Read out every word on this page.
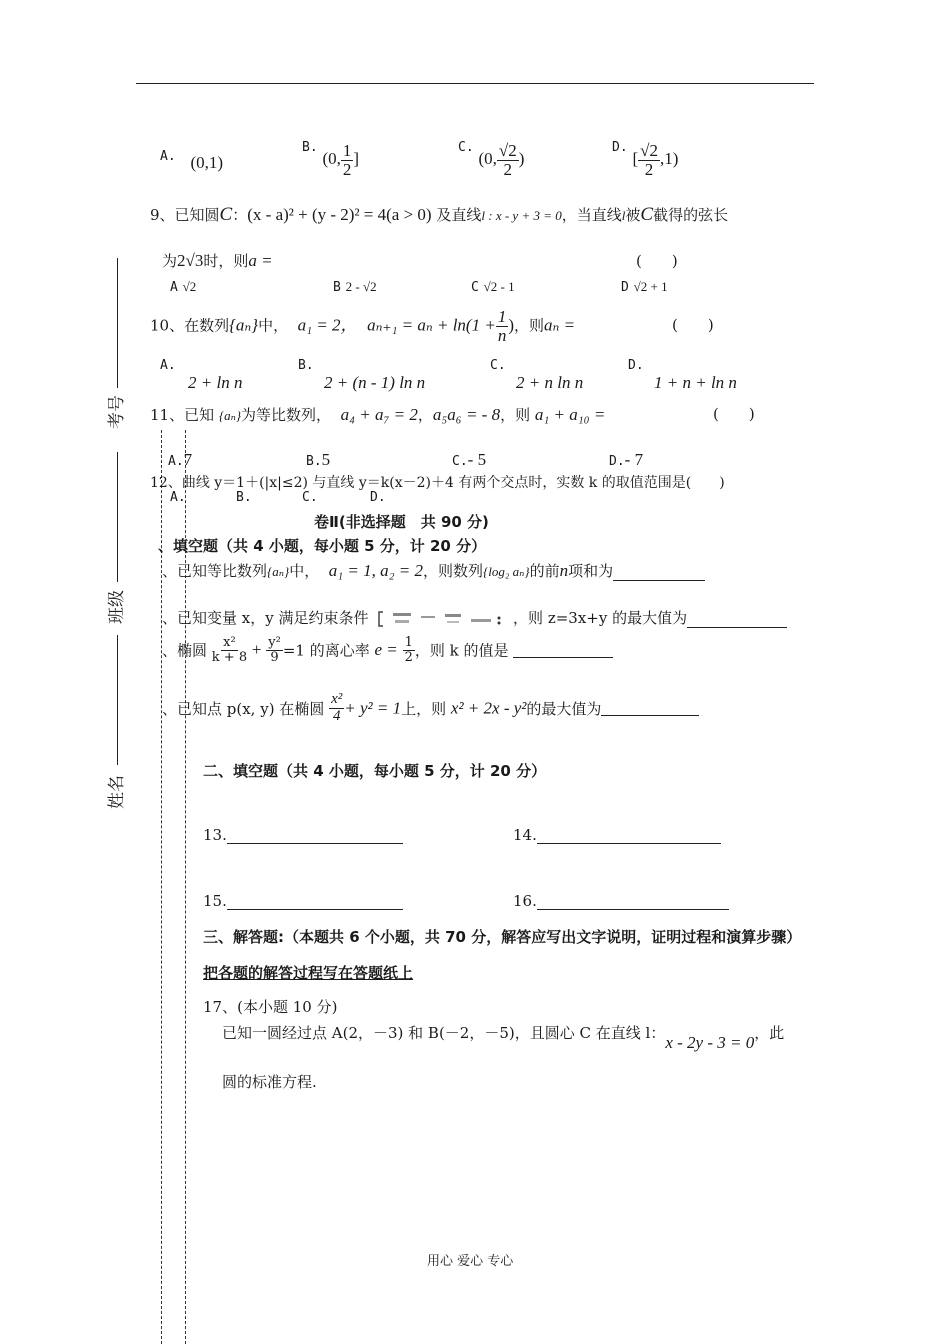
考号
班级
姓名
A. (0,1)
B. (0, $\frac{1}{2}$ ]
C. (0, $\frac{√2}{2}$ )
D. [ $\frac{√2}{2} ,1$)
9、已知圆C：(x - a)² + (y - 2)² = 4(a > 0) 及直线l : x - y + 3 = 0，当直线l被C截得的弦长
为2√3时，则a =	(　　)
A √2	B 2 - √2	C √2 - 1	D √2 + 1
10、在数列{aₙ}中， a₁ = 2， $a_{n+1} = a_n + \ln(1 + \frac{1}{n}$ )，则aₙ =	(　　)
A.
2 + ln n
B.
2 + (n - 1) ln n
C.
2 + n ln n
D.
1 + n + ln n
11、已知 {aₙ}为等比数列， a₄ + a₇ = 2，a₅a₆ = - 8，则 a₁ + a₁₀ =	(　　)
A.7	B.5	C.- 5	D.- 7
12、曲线 y＝1＋(|x|≤2) 与直线 y＝k(x－2)＋4 有两个交点时，实数 k 的取值范围是(　　)
A.	B.	C.	D.
卷Ⅱ(非选择题　共 90 分)
、填空题（共 4 小题，每小题 5 分，计 20 分）
、已知等比数列{aₙ}中， a₁ = 1, a₂ = 2，则数列{log₂ aₙ}的前n项和为
、已知变量 x，y 满足约束条件	，则 z=3x+y 的最大值为
、椭圆 $\frac{\text{x²}}{k + 8} + \frac{\text{y²}}{9} =1$ 的离心率 $e = \frac{1}{2}$ ，则 k 的值是
、已知点 p(x, y) 在椭圆 $\frac{\text{x²}}{4} + y^2 = 1$上，则 x² + 2x - y²的最大值为
二、填空题（共 4 小题，每小题 5 分，计 20 分）
13.	14.
15.	16.
三、解答题:（本题共 6 个小题，共 70 分，解答应写出文字说明，证明过程和演算步骤）
把各题的解答过程写在答题纸上
17、(本小题 10 分)
已知一圆经过点 A(2，－3) 和 B(－2，－5)，且圆心 C 在直线 l：x - 2y - 3 = 0，此
圆的标准方程.
用心 爱心 专心
